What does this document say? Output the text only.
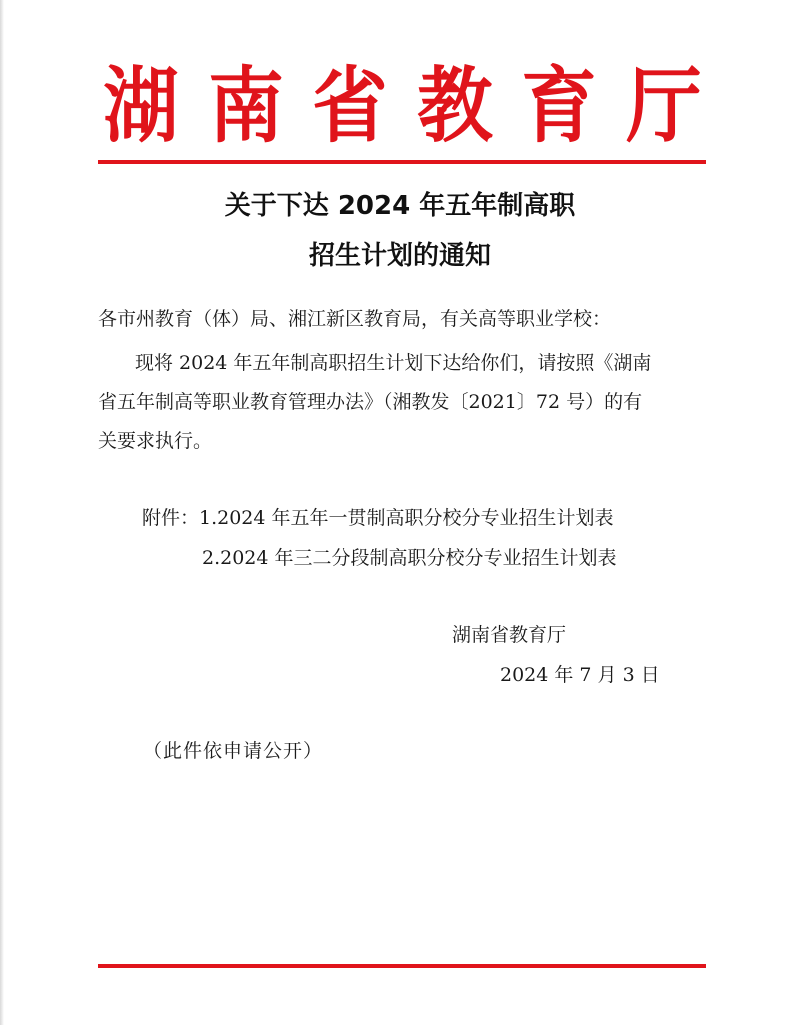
湖 南 省 教 育 厅
关于下达 2024 年五年制高职
招生计划的通知
各市州教育（体）局、湘江新区教育局，有关高等职业学校：
现将 2024 年五年制高职招生计划下达给你们，请按照《湖南
省五年制高等职业教育管理办法》（湘教发〔2021〕72 号）的有
关要求执行。
附件：1.2024 年五年一贯制高职分校分专业招生计划表
2.2024 年三二分段制高职分校分专业招生计划表
湖南省教育厅
2024 年 7 月 3 日
（此件依申请公开）
